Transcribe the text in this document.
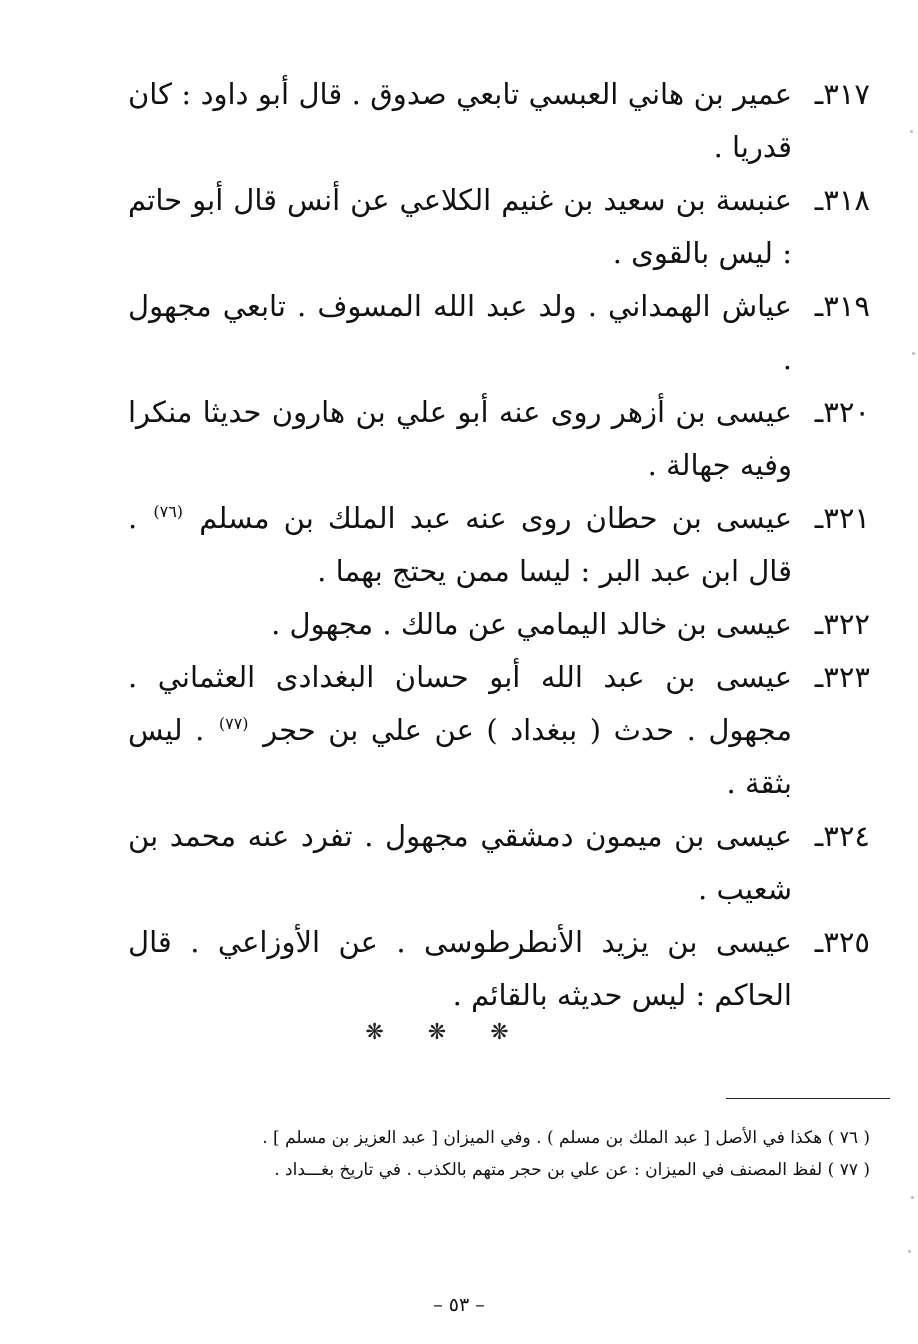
٣١٧ـ
عمير بن هاني العبسي تابعي صدوق . قال أبو داود : كان قدريا .
٣١٨ـ
عنبسة بن سعيد بن غنيم الكلاعي عن أنس قال أبو حاتم : ليس بالقوى .
٣١٩ـ
عياش الهمداني . ولد عبد الله المسوف . تابعي مجهول .
٣٢٠ـ
عيسى بن أزهر روى عنه أبو علي بن هارون حديثا منكرا وفيه جهالة .
٣٢١ـ
عيسى بن حطان روى عنه عبد الملك بن مسلم $^{(٧٦)}$ . قال ابن عبد البر : ليسا ممن يحتج بهما .
٣٢٢ـ
عيسى بن خالد اليمامي عن مالك . مجهول .
٣٢٣ـ
عيسى بن عبد الله أبو حسان البغدادى العثماني . مجهول . حدث ( ببغداد ) عن علي بن حجر $^{(٧٧)}$ . ليس بثقة .
٣٢٤ـ
عيسى بن ميمون دمشقي مجهول . تفرد عنه محمد بن شعيب .
٣٢٥ـ
عيسى بن يزيد الأنطرطوسى . عن الأوزاعي . قال الحاكم : ليس حديثه بالقائم .
❋❋❋
( ٧٦ ) هكذا في الأصل [ عبد الملك بن مسلم ) . وفي الميزان [ عبد العزيز بن مسلم ] .
( ٧٧ ) لفظ المصنف في الميزان : عن علي بن حجر متهم بالكذب . في تاريخ بغـــداد .
– ٥٣ –
